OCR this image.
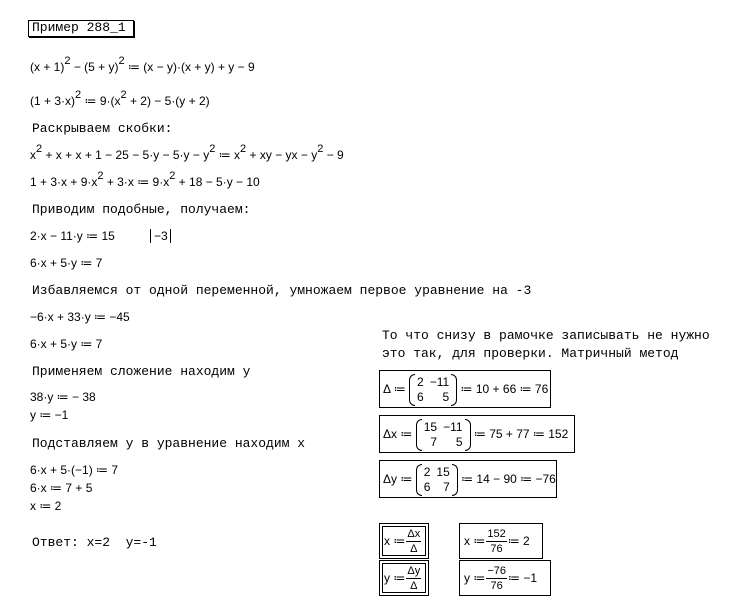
Пример 288_1
$(x + 1)^2 - (5 + y)^2$ ≔ (x − y)·(x + y) + y − 9
$(1 + 3\cdot x)^2$ ≔ $9\cdot(x^2 + 2) - 5\cdot(y + 2)$
Раскрываем скобки:
$x^2 + x + x + 1 - 25 - 5\cdot y - 5\cdot y - y^2$ ≔ $x^2$ + xy − yx − $y^2 - 9$
$1 + 3\cdot x + 9\cdot x^2 + 3\cdot x$ ≔ $9\cdot x^2 + 18 - 5\cdot y - 10$
Приводим подобные, получаем:
2·x − 11·y ≔ 15	−3
6·x + 5·y ≔ 7
Избавляемся от одной переменной, умножаем первое уравнение на -3
−6·x + 33·y ≔ −45
6·x + 5·y ≔ 7
Применяем сложение находим y
38·y ≔ − 38
y ≔ −1
Подставляем y в уравнение находим x
6·x + 5·(−1) ≔ 7
6·x ≔ 7 + 5
x ≔ 2
Ответ: x=2  y=-1
То что снизу в рамочке записывать не нужно
это так, для проверки. Матричный метод
Δ ≔
2 −11
6	5
≔ 10 + 66 ≔ 76
Δx ≔
15 −11
7	5
≔ 75 + 77 ≔ 152
Δy ≔
2 15
6	7
≔ 14 − 90 ≔ −76
x ≔ $\frac{\Delta x}{\Delta}$
y ≔ $\frac{\Delta y}{\Delta}$
x ≔ $\frac{152}{76}$ ≔ 2
y ≔ $\frac{-76}{76}$ ≔ −1
